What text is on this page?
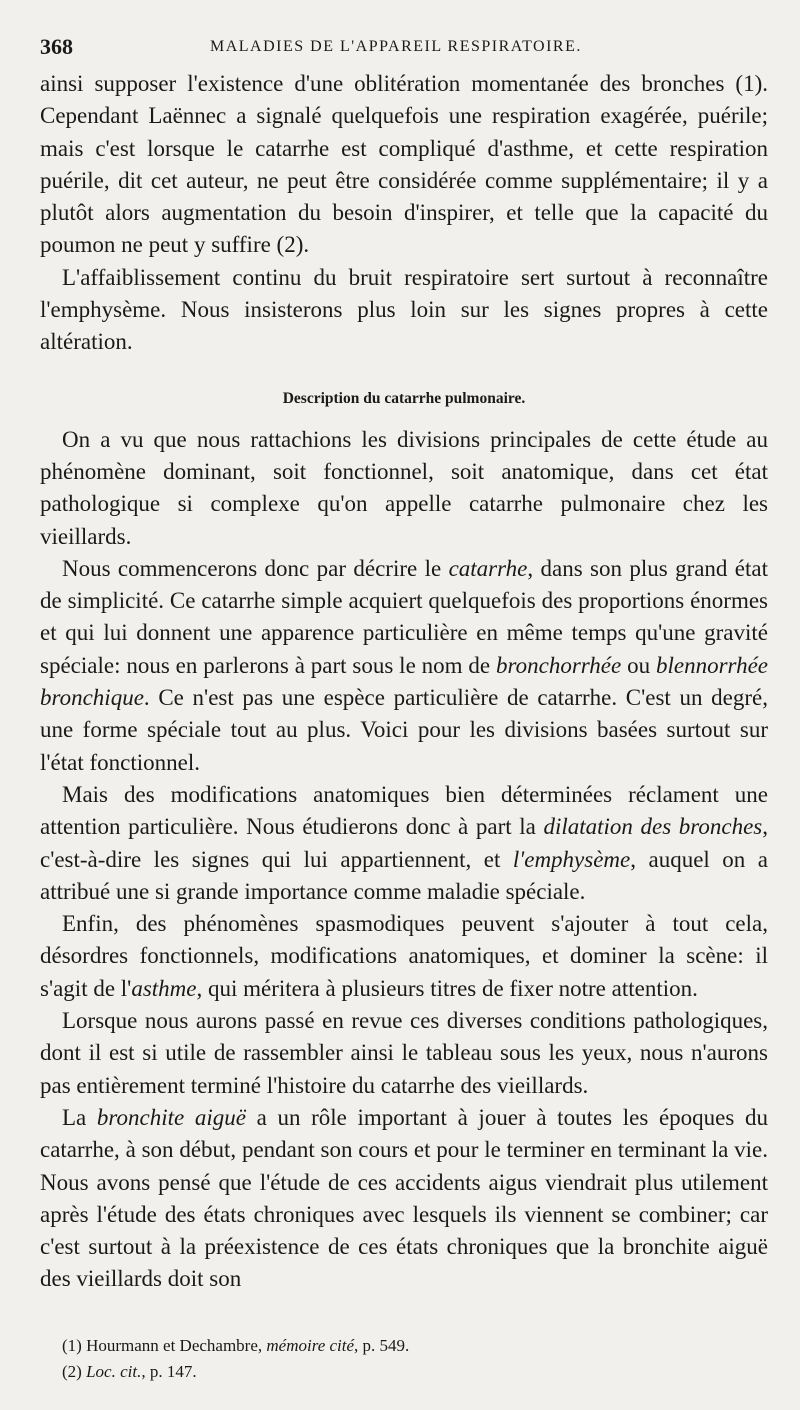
368	MALADIES DE L'APPAREIL RESPIRATOIRE.

ainsi supposer l'existence d'une oblitération momentanée des bronches (1). Cependant Laënnec a signalé quelquefois une respiration exagérée, puérile; mais c'est lorsque le catarrhe est compliqué d'asthme, et cette respiration puérile, dit cet auteur, ne peut être considérée comme supplémentaire; il y a plutôt alors augmentation du besoin d'inspirer, et telle que la capacité du poumon ne peut y suffire (2).

L'affaiblissement continu du bruit respiratoire sert surtout à reconnaître l'emphysème. Nous insisterons plus loin sur les signes propres à cette altération.

Description du catarrhe pulmonaire.

On a vu que nous rattachions les divisions principales de cette étude au phénomène dominant, soit fonctionnel, soit anatomique, dans cet état pathologique si complexe qu'on appelle catarrhe pulmonaire chez les vieillards.

Nous commencerons donc par décrire le catarrhe, dans son plus grand état de simplicité. Ce catarrhe simple acquiert quelquefois des proportions énormes et qui lui donnent une apparence particulière en même temps qu'une gravité spéciale: nous en parlerons à part sous le nom de bronchorrhée ou blennorrhée bronchique. Ce n'est pas une espèce particulière de catarrhe. C'est un degré, une forme spéciale tout au plus. Voici pour les divisions basées surtout sur l'état fonctionnel.

Mais des modifications anatomiques bien déterminées réclament une attention particulière. Nous étudierons donc à part la dilatation des bronches, c'est-à-dire les signes qui lui appartiennent, et l'emphysème, auquel on a attribué une si grande importance comme maladie spéciale.

Enfin, des phénomènes spasmodiques peuvent s'ajouter à tout cela, désordres fonctionnels, modifications anatomiques, et dominer la scène: il s'agit de l'asthme, qui méritera à plusieurs titres de fixer notre attention.

Lorsque nous aurons passé en revue ces diverses conditions pathologiques, dont il est si utile de rassembler ainsi le tableau sous les yeux, nous n'aurons pas entièrement terminé l'histoire du catarrhe des vieillards.

La bronchite aiguë a un rôle important à jouer à toutes les époques du catarrhe, à son début, pendant son cours et pour le terminer en terminant la vie. Nous avons pensé que l'étude de ces accidents aigus viendrait plus utilement après l'étude des états chroniques avec lesquels ils viennent se combiner; car c'est surtout à la préexistence de ces états chroniques que la bronchite aiguë des vieillards doit son

(1) Hourmann et Dechambre, mémoire cité, p. 549.

(2) Loc. cit., p. 147.
